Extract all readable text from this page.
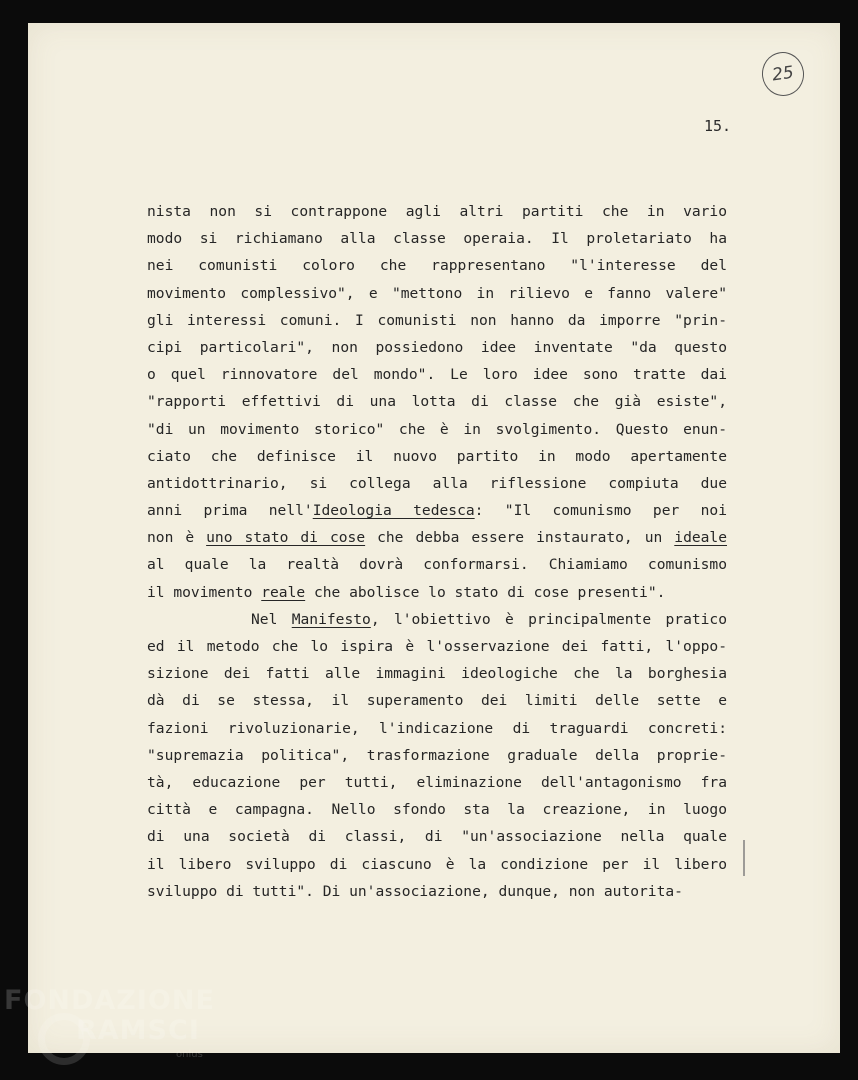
25
15.
nista non si contrappone agli altri partiti che in vario
modo si richiamano alla classe operaia. Il proletariato ha
nei comunisti coloro che rappresentano "l'interesse del
movimento complessivo", e "mettono in rilievo e fanno valere"
gli interessi comuni. I comunisti non hanno da imporre "prin-
cipi particolari", non possiedono idee inventate "da questo
o quel rinnovatore del mondo". Le loro idee sono tratte dai
"rapporti effettivi di una lotta di classe che già esiste",
"di un movimento storico" che è in svolgimento. Questo enun-
ciato che definisce il nuovo partito in modo apertamente
antidottrinario, si collega alla riflessione compiuta due
anni prima nell'Ideologia tedesca: "Il comunismo per noi
non è uno stato di cose che debba essere instaurato, un ideale
al quale la realtà dovrà conformarsi. Chiamiamo comunismo
il movimento reale che abolisce lo stato di cose presenti".
Nel Manifesto, l'obiettivo è principalmente pratico
ed il metodo che lo ispira è l'osservazione dei fatti, l'oppo-
sizione dei fatti alle immagini ideologiche che la borghesia
dà di se stessa, il superamento dei limiti delle sette e
fazioni rivoluzionarie, l'indicazione di traguardi concreti:
"supremazia politica", trasformazione graduale della proprie-
tà, educazione per tutti, eliminazione dell'antagonismo fra
città e campagna. Nello sfondo sta la creazione, in luogo
di una società di classi, di "un'associazione nella quale
il libero sviluppo di ciascuno è la condizione per il libero
sviluppo di tutti". Di un'associazione, dunque, non autorita-
FONDAZIONE
RAMSCI
onlus
